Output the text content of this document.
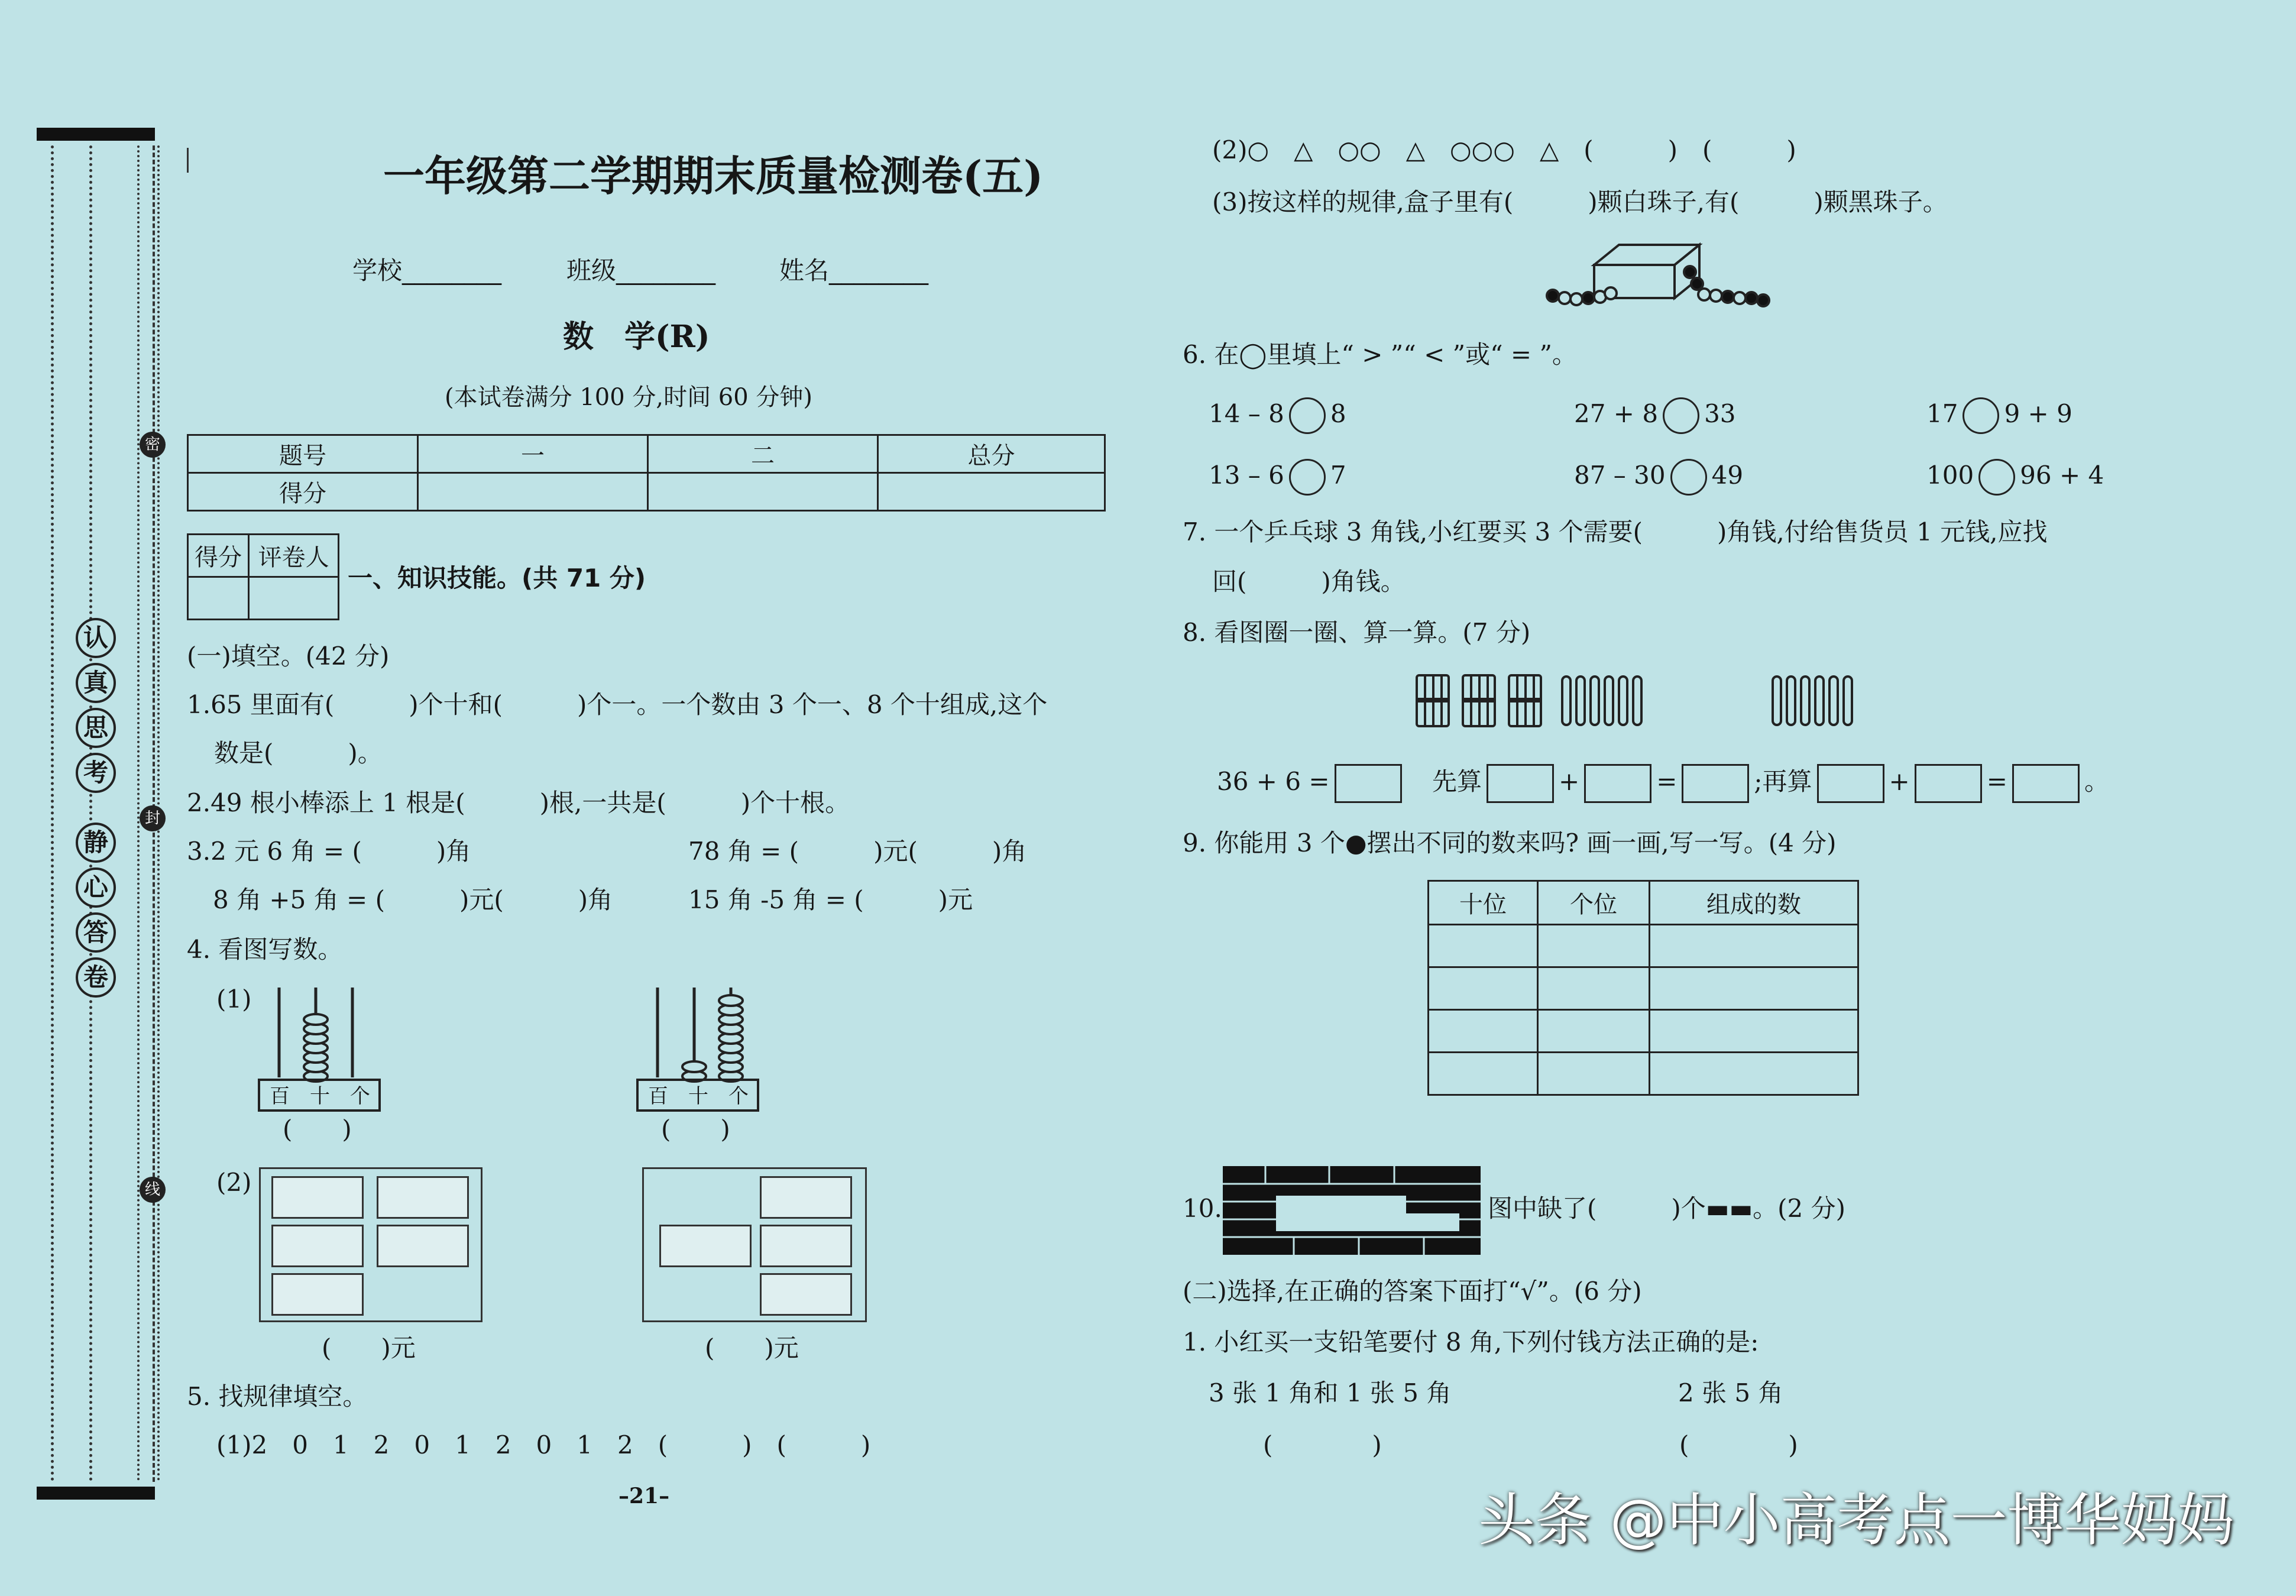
认
真
思
考
静
心
答
卷
密
封
线
一年级第二学期期末质量检测卷(五)
学校________	班级________	姓名________
数　学(R)
(本试卷满分 100 分,时间 60 分钟)
题号	一	二	总分
得分			
得分	评卷人

一、知识技能。(共 71 分)
(一)填空。(42 分)
1.65 里面有(　　　)个十和(　　　)个一。一个数由 3 个一、8 个十组成,这个
数是(　　　)。
2.49 根小棒添上 1 根是(　　　)根,一共是(　　　)个十根。
3.2 元 6 角 = (　　　)角	78 角 = (　　　)元(　　　)角
8 角 +5 角 = (　　　)元(　　　)角	15 角 -5 角 = (　　　)元
4. 看图写数。
(1)
百　十　个
(　　)
百　十　个
(　　)
(2)
(　　)元	(　　)元
5. 找规律填空。
(1)2　0　1　2　0　1　2　0　1　2　(　　　)　(　　　)
–21–
(2)○　△　○○　△　○○○　△　(　　　)　(　　　)
(3)按这样的规律,盒子里有(　　　)颗白珠子,有(　　　)颗黑珠子。
6. 在◯里填上“ > ”“ < ”或“ = ”。
14 – 8 8	27 + 8 33	17 9 + 9
13 – 6 7	87 – 30 49	100 96 + 4
7. 一个乒乓球 3 角钱,小红要买 3 个需要(　　　)角钱,付给售货员 1 元钱,应找
回(　　　)角钱。
8. 看图圈一圈、算一算。(7 分)
36 + 6 =	先算	+	=	;再算	+	=	。
9. 你能用 3 个●摆出不同的数来吗? 画一画,写一写。(4 分)
十位	个位	组成的数

10.	图中缺了(　　　)个▬▬。(2 分)
(二)选择,在正确的答案下面打“√”。(6 分)
1. 小红买一支铅笔要付 8 角,下列付钱方法正确的是:
3 张 1 角和 1 张 5 角	2 张 5 角
(　　　　)	(　　　　)
头条 @中小高考点一博华妈妈
